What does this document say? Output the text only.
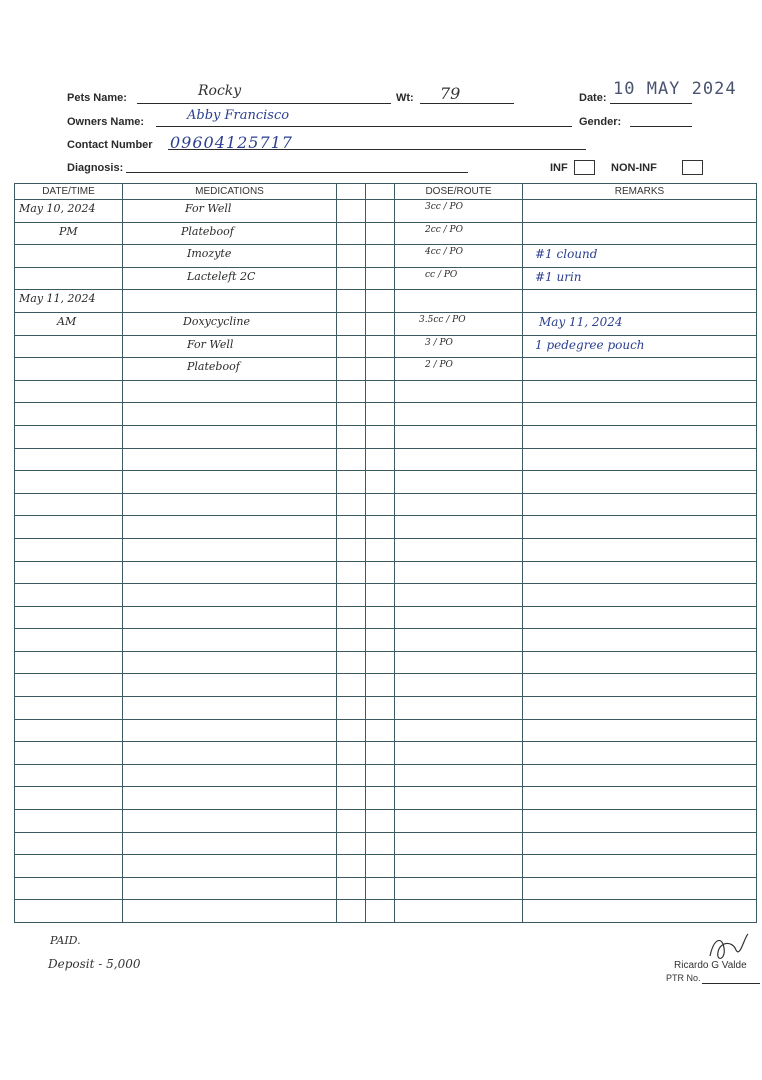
Pets Name:	Rocky	Wt: 79	Date: 10 MAY 2024
Owners Name:	Abby Francisco	Gender:
Contact Number 09604125717
Diagnosis:	INF	NON-INF
DATE/TIME	MEDICATIONS			DOSE/ROUTE	REMARKS

May 10, 2024	For Well			3cc / PO	

PM	Plateboof			2cc / PO	

	Imozyte			4cc / PO	#1 clound

	Lacteleft 2C			cc / PO	#1 urin

May 11, 2024					

AM	Doxycycline			3.5cc / PO	May 11, 2024

	For Well			3 / PO	1 pedegree pouch

	Plateboof			2 / PO	

PAID.
Deposit - 5,000	Ricardo G Valde
PTR No.
